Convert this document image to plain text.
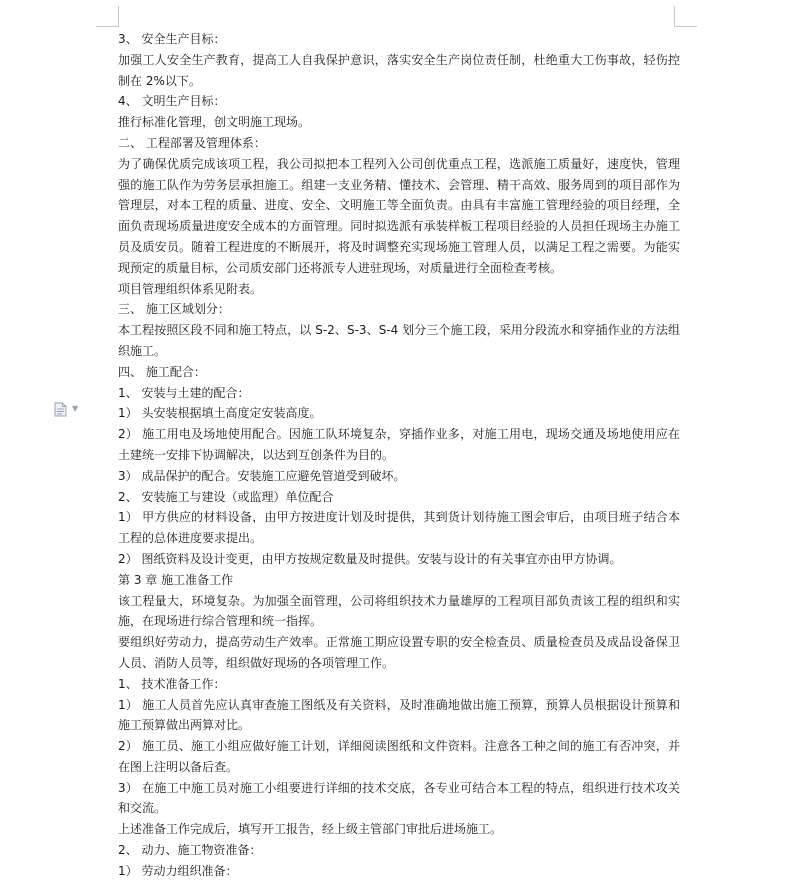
▼

3、 安全生产目标：

加强工人安全生产教育，提高工人自我保护意识，落实安全生产岗位责任制，杜绝重大工伤事故，轻伤控制在 2%以下。

4、 文明生产目标：

推行标准化管理，创文明施工现场。

二、 工程部署及管理体系：

为了确保优质完成该项工程，我公司拟把本工程列入公司创优重点工程，选派施工质量好，速度快，管理强的施工队作为劳务层承担施工。组建一支业务精、懂技术、会管理、精干高效、服务周到的项目部作为管理层，对本工程的质量、进度、安全、文明施工等全面负责。由具有丰富施工管理经验的项目经理，全面负责现场质量进度安全成本的方面管理。同时拟选派有承装样板工程项目经验的人员担任现场主办施工员及质安员。随着工程进度的不断展开，将及时调整充实现场施工管理人员，以满足工程之需要。为能实现预定的质量目标，公司质安部门还将派专人进驻现场，对质量进行全面检查考核。

项目管理组织体系见附表。

三、 施工区域划分：

本工程按照区段不同和施工特点，以 S-2、S-3、S-4 划分三个施工段，采用分段流水和穿插作业的方法组织施工。

四、 施工配合：

1、 安装与土建的配合：

1） 头安装根据填土高度定安装高度。

2） 施工用电及场地使用配合。因施工队环境复杂，穿插作业多，对施工用电，现场交通及场地使用应在土建统一安排下协调解决，以达到互创条件为目的。

3） 成品保护的配合。安装施工应避免管道受到破坏。

2、 安装施工与建设（或监理）单位配合

1） 甲方供应的材料设备，由甲方按进度计划及时提供，其到货计划待施工图会审后，由项目班子结合本工程的总体进度要求提出。

2） 图纸资料及设计变更，由甲方按规定数量及时提供。安装与设计的有关事宜亦由甲方协调。

第 3 章 施工准备工作

该工程量大，环境复杂。为加强全面管理，公司将组织技术力量雄厚的工程项目部负责该工程的组织和实施，在现场进行综合管理和统一指挥。

要组织好劳动力，提高劳动生产效率。正常施工期应设置专职的安全检查员、质量检查员及成品设备保卫人员、消防人员等，组织做好现场的各项管理工作。

1、 技术准备工作：

1） 施工人员首先应认真审查施工图纸及有关资料，及时准确地做出施工预算，预算人员根据设计预算和施工预算做出两算对比。

2） 施工员、施工小组应做好施工计划，详细阅读图纸和文件资料。注意各工种之间的施工有否冲突，并在图上注明以备后查。

3） 在施工中施工员对施工小组要进行详细的技术交底，各专业可结合本工程的特点，组织进行技术攻关和交流。

上述准备工作完成后，填写开工报告，经上级主管部门审批后进场施工。

2、 动力、施工物资准备：

1） 劳动力组织准备：
